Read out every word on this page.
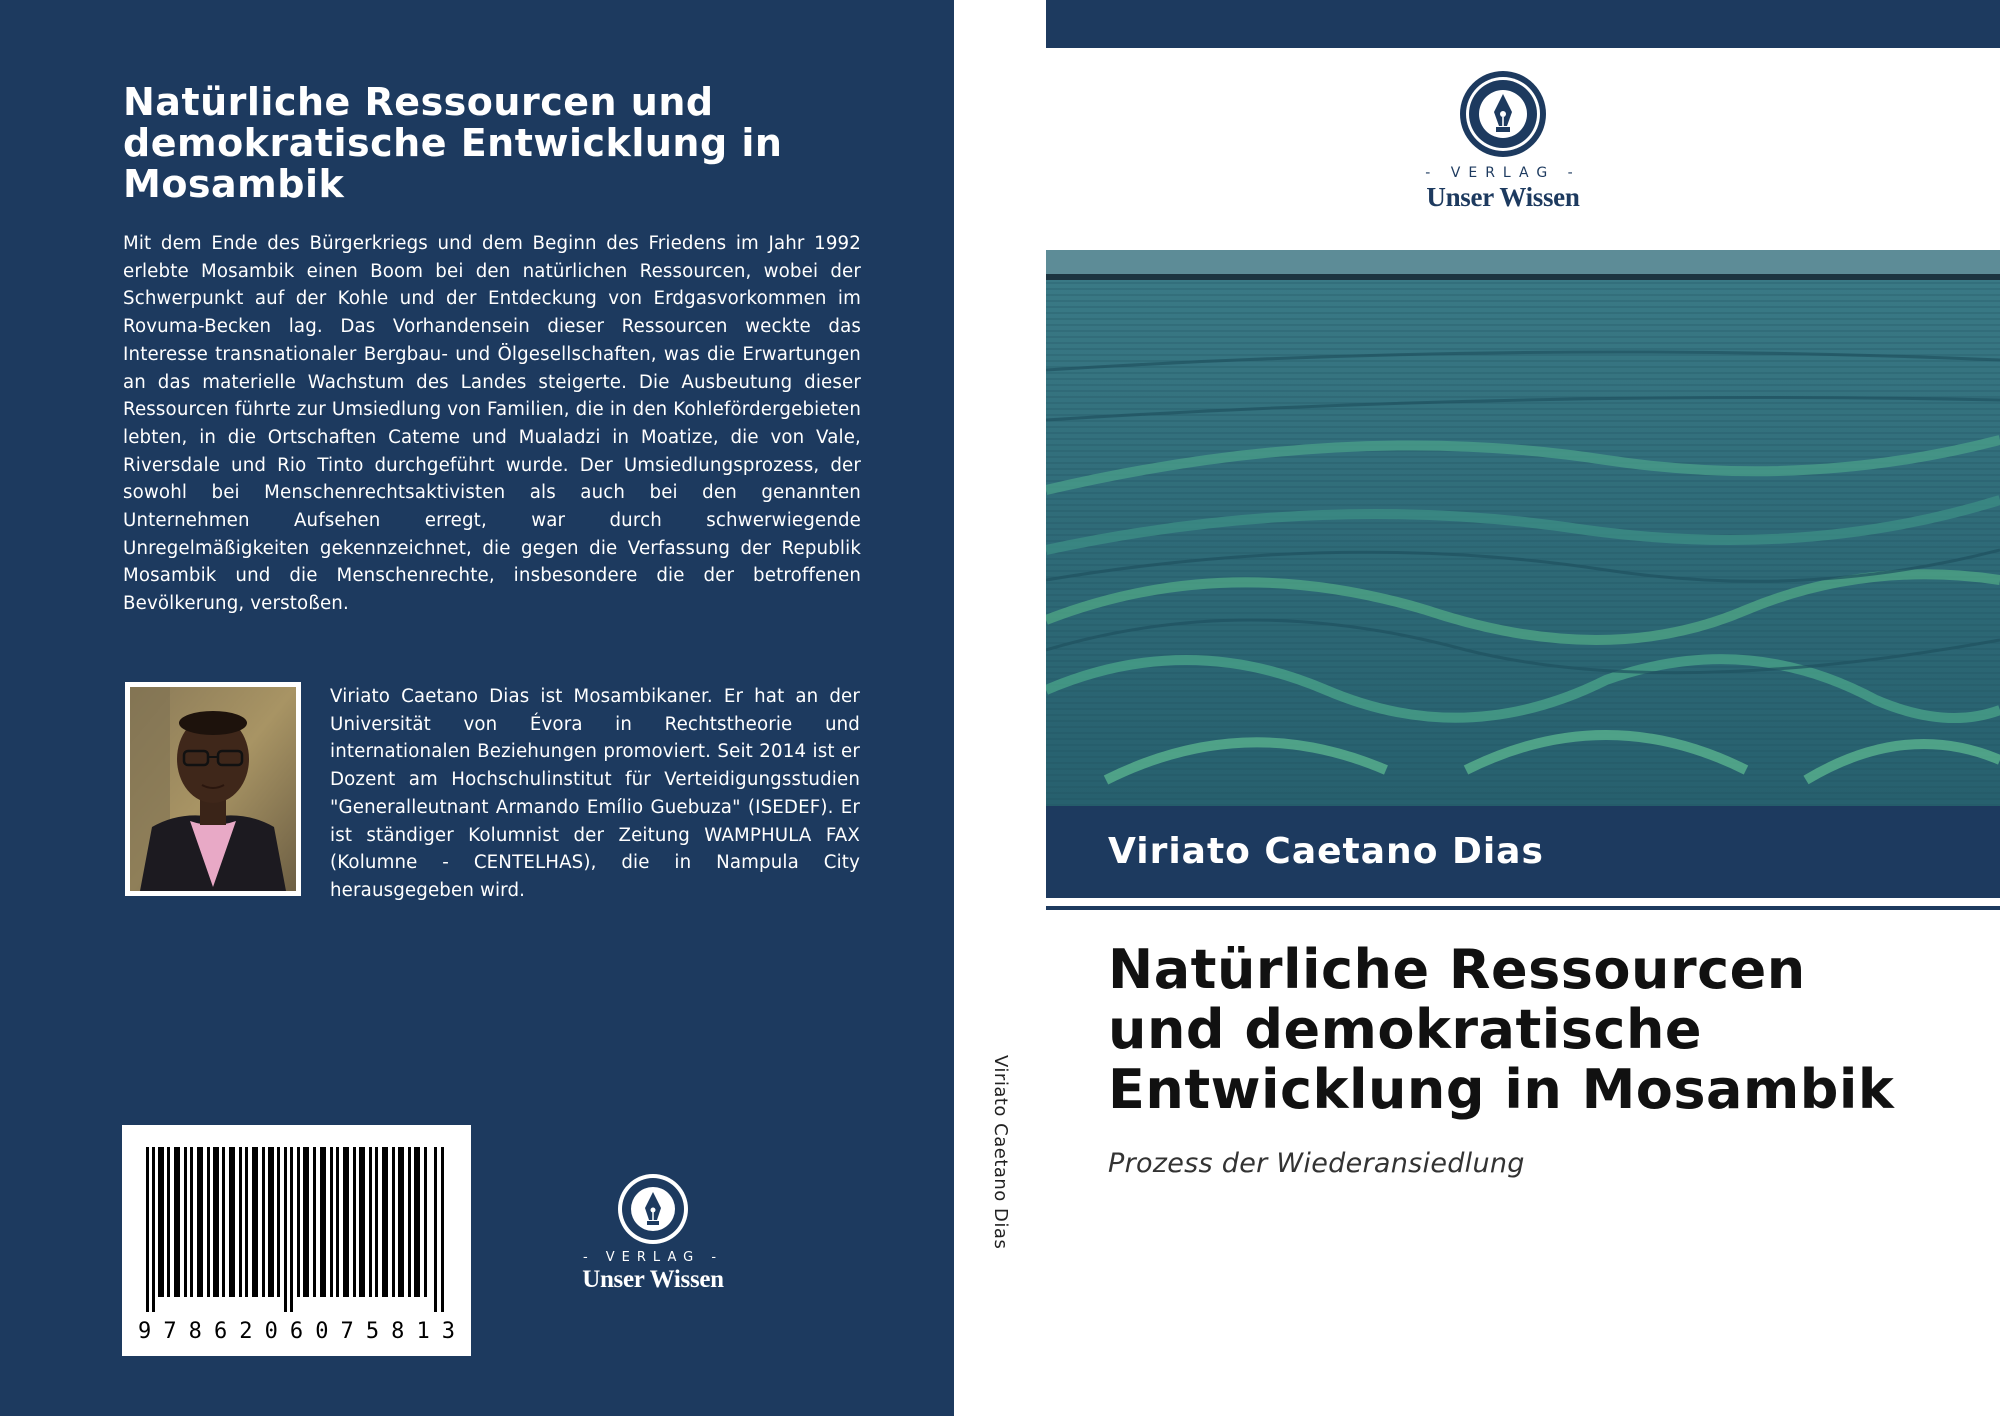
Natürliche Ressourcen und demokratische Entwicklung in Mosambik

Mit dem Ende des Bürgerkriegs und dem Beginn des Friedens im Jahr 1992 erlebte Mosambik einen Boom bei den natürlichen Ressourcen, wobei der Schwerpunkt auf der Kohle und der Entdeckung von Erdgasvorkommen im Rovuma-Becken lag. Das Vorhandensein dieser Ressourcen weckte das Interesse transnationaler Bergbau- und Ölgesellschaften, was die Erwartungen an das materielle Wachstum des Landes steigerte. Die Ausbeutung dieser Ressourcen führte zur Umsiedlung von Familien, die in den Kohlefördergebieten lebten, in die Ortschaften Cateme und Mualadzi in Moatize, die von Vale, Riversdale und Rio Tinto durchgeführt wurde. Der Umsiedlungsprozess, der sowohl bei Menschenrechtsaktivisten als auch bei den genannten Unternehmen Aufsehen erregt, war durch schwerwiegende Unregelmäßigkeiten gekennzeichnet, die gegen die Verfassung der Republik Mosambik und die Menschenrechte, insbesondere die der betroffenen Bevölkerung, verstoßen.

Viriato Caetano Dias ist Mosambikaner. Er hat an der Universität von Évora in Rechtstheorie und internationalen Beziehungen promoviert. Seit 2014 ist er Dozent am Hochschulinstitut für Verteidigungsstudien "Generalleutnant Armando Emílio Guebuza" (ISEDEF). Er ist ständiger Kolumnist der Zeitung WAMPHULA FAX (Kolumne - CENTELHAS), die in Nampula City herausgegeben wird.

9 7 8 6 2 0 6 0 7 5 8 1 3
- VERLAG -
Unser Wissen
Viriato Caetano Dias
- VERLAG -
Unser Wissen
Viriato Caetano Dias
Natürliche Ressourcen
und demokratische
Entwicklung in Mosambik

Prozess der Wiederansiedlung
